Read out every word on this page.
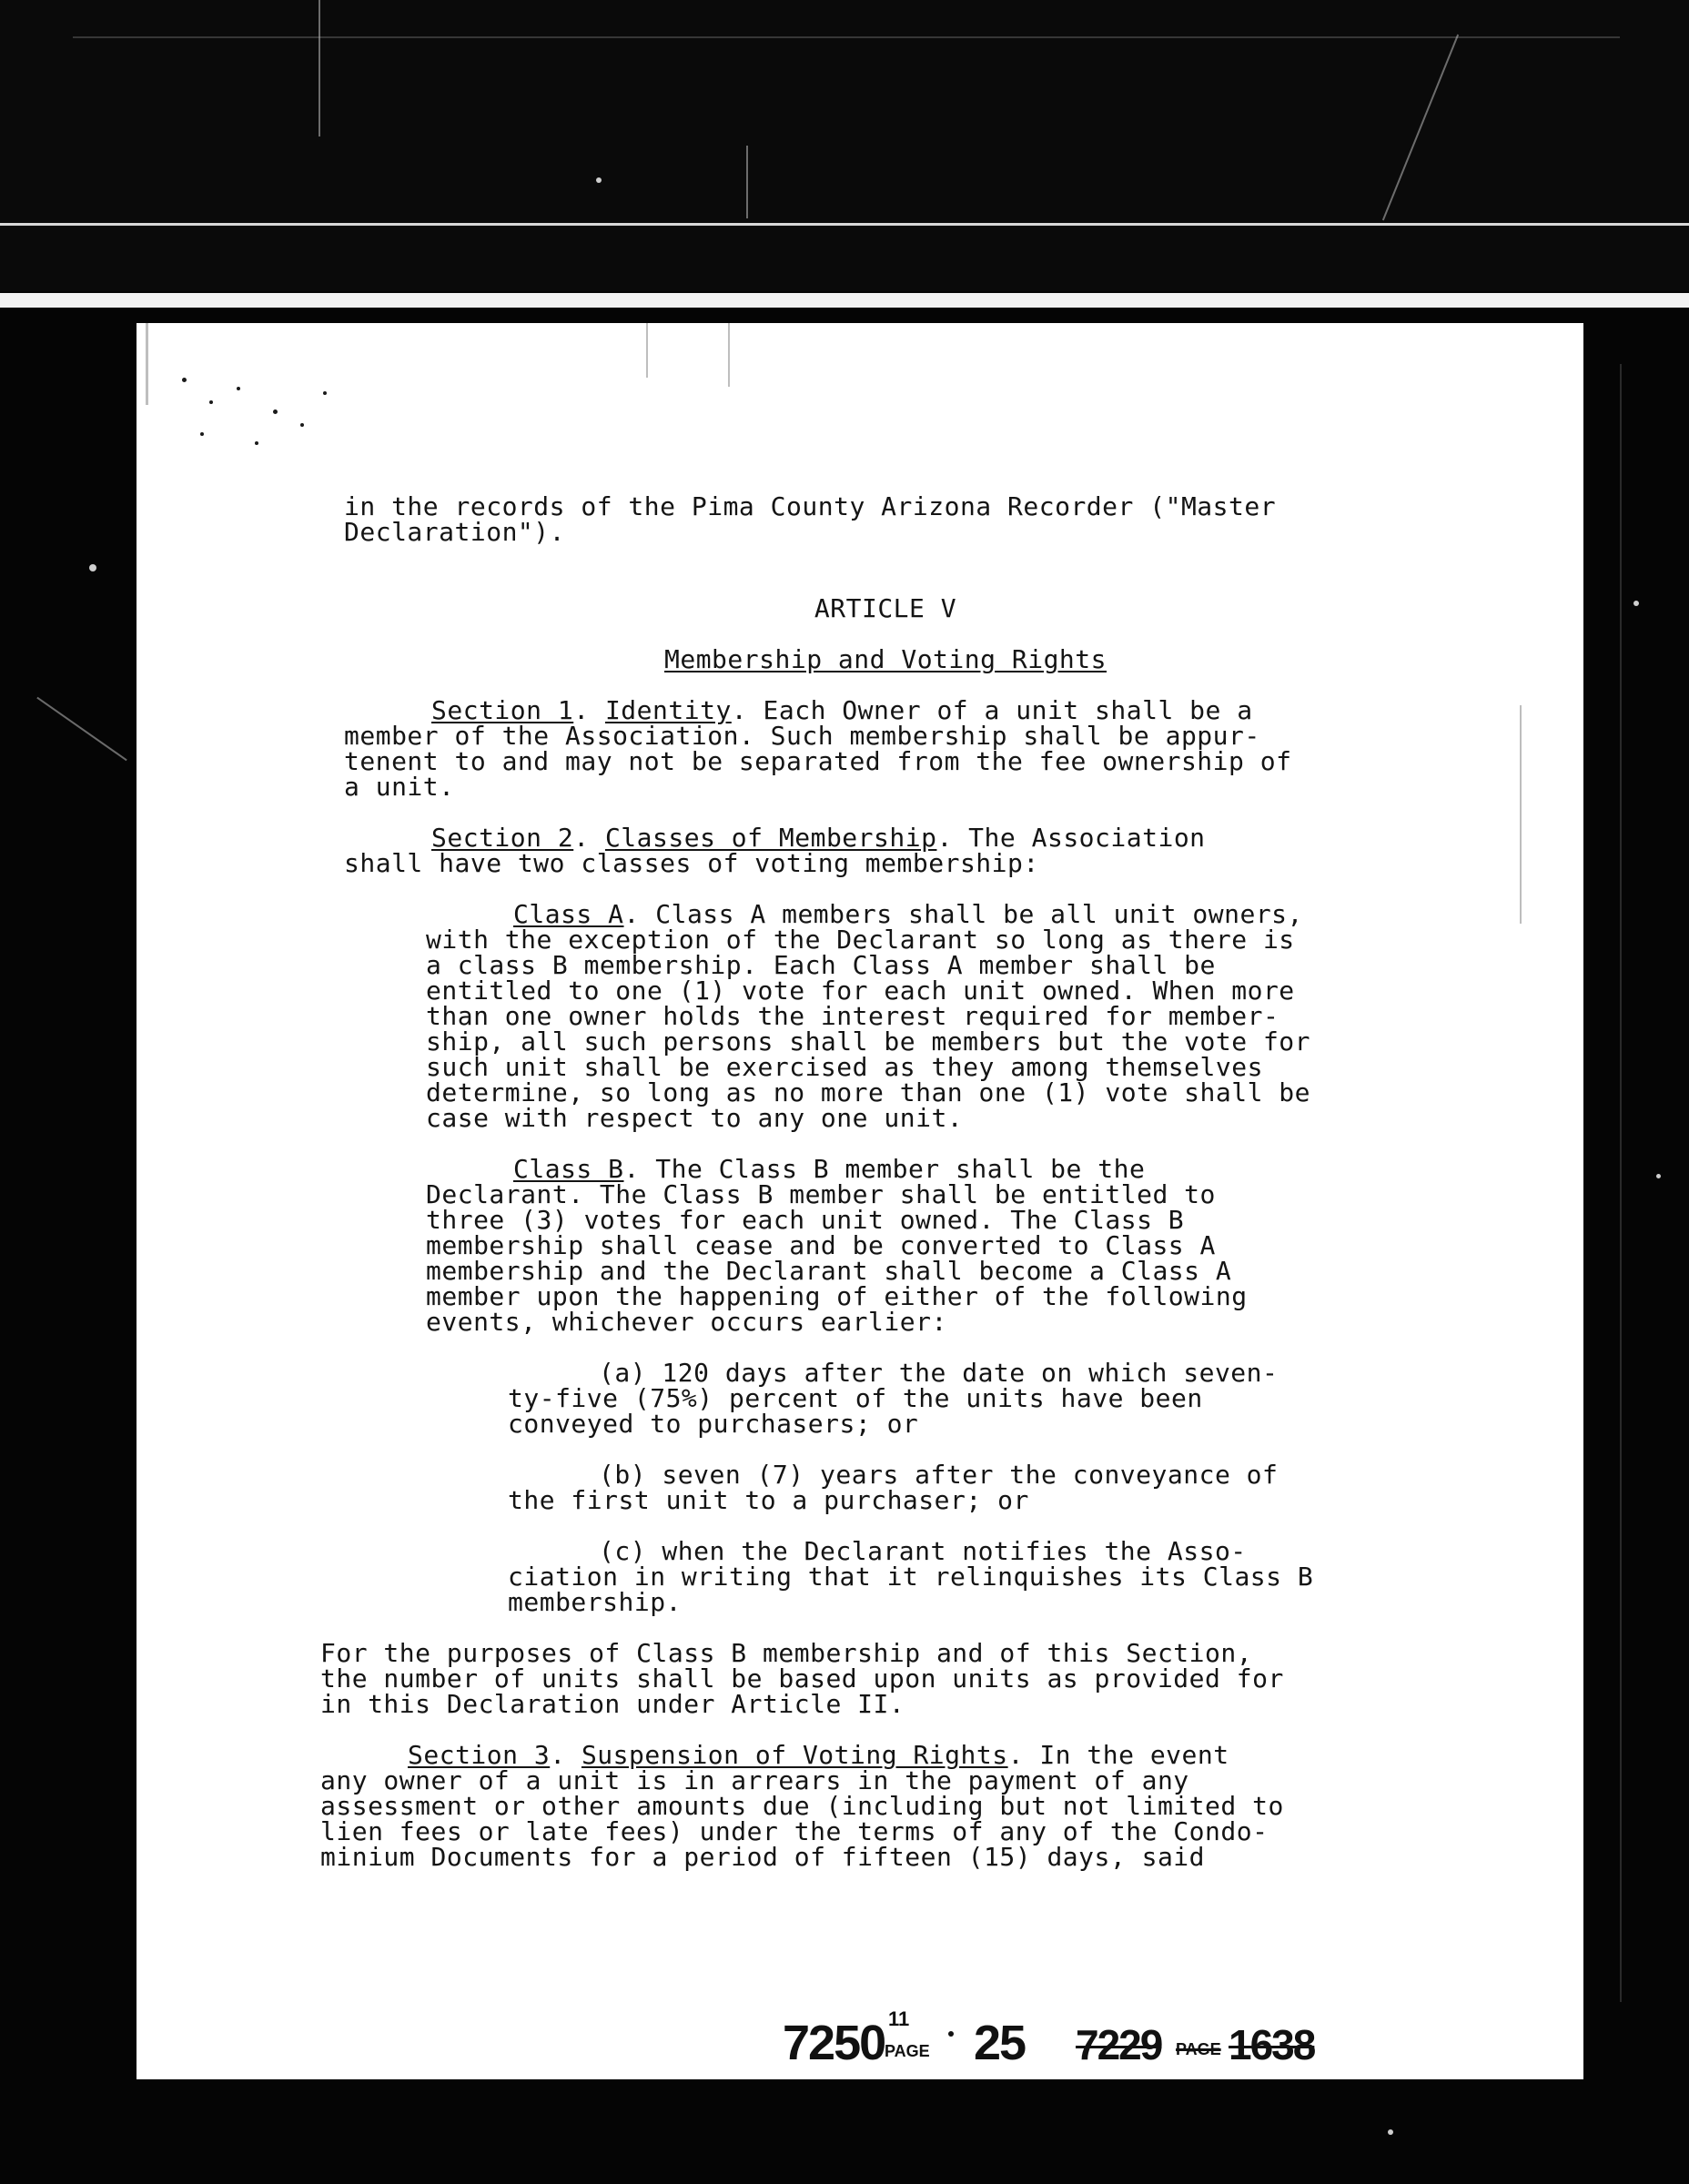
in the records of the Pima County Arizona Recorder ("Master

Declaration").

ARTICLE V

Membership and Voting Rights

Section 1. Identity. Each Owner of a unit shall be a

member of the Association. Such membership shall be appur-

tenent to and may not be separated from the fee ownership of

a unit.

Section 2. Classes of Membership. The Association

shall have two classes of voting membership:

Class A. Class A members shall be all unit owners,

with the exception of the Declarant so long as there is

a class B membership. Each Class A member shall be

entitled to one (1) vote for each unit owned. When more

than one owner holds the interest required for member-

ship, all such persons shall be members but the vote for

such unit shall be exercised as they among themselves

determine, so long as no more than one (1) vote shall be

case with respect to any one unit.

Class B. The Class B member shall be the

Declarant. The Class B member shall be entitled to

three (3) votes for each unit owned. The Class B

membership shall cease and be converted to Class A

membership and the Declarant shall become a Class A

member upon the happening of either of the following

events, whichever occurs earlier:

(a) 120 days after the date on which seven-

ty-five (75%) percent of the units have been

conveyed to purchasers; or

(b) seven (7) years after the conveyance of

the first unit to a purchaser; or

(c) when the Declarant notifies the Asso-

ciation in writing that it relinquishes its Class B

membership.

For the purposes of Class B membership and of this Section,

the number of units shall be based upon units as provided for

in this Declaration under Article II.

Section 3. Suspension of Voting Rights. In the event

any owner of a unit is in arrears in the payment of any

assessment or other amounts due (including but not limited to

lien fees or late fees) under the terms of any of the Condo-

minium Documents for a period of fifteen (15) days, said

7250 11
PAGE 25 7229 PAGE 1638
